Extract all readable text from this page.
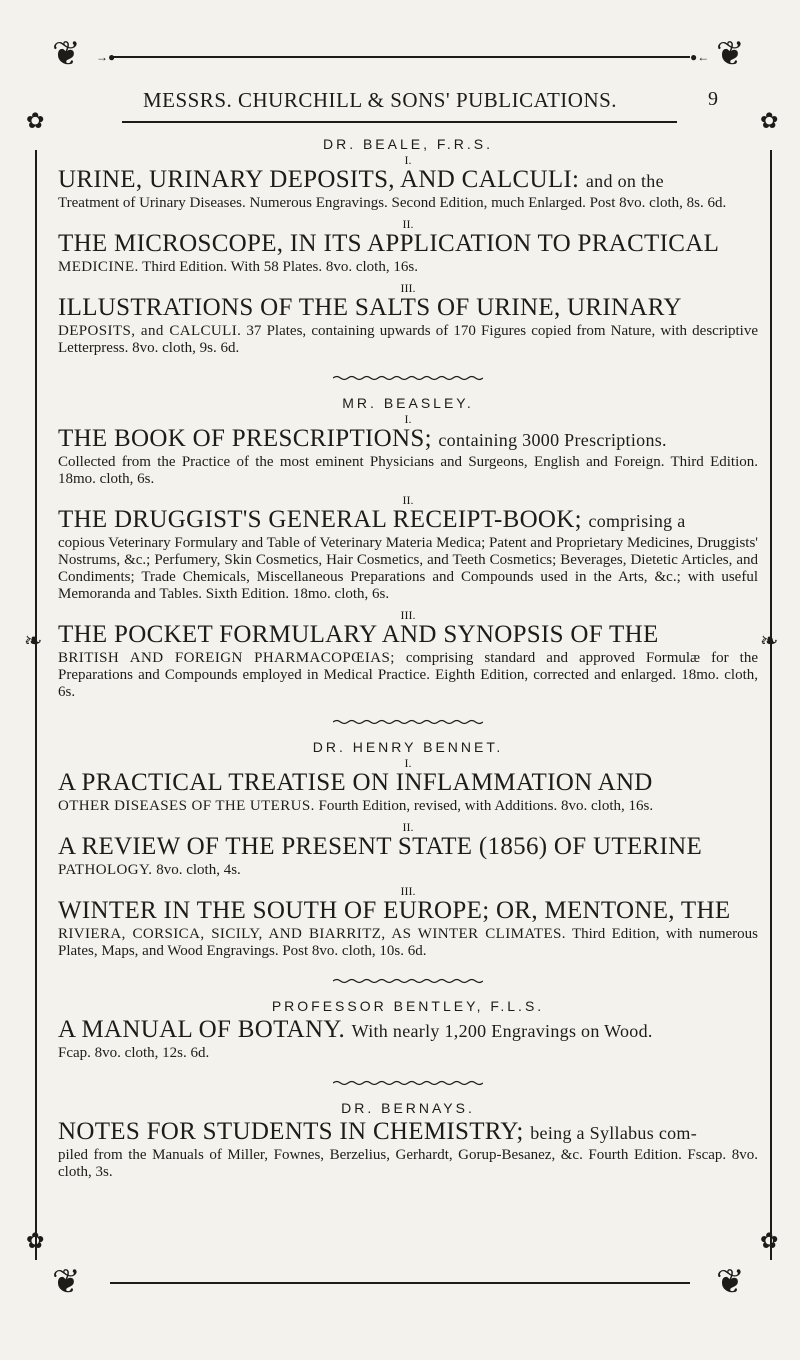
❦	❦
→●	●←
MESSRS. CHURCHILL & SONS' PUBLICATIONS.	9
✿	✿
❧	❧
✿	✿
❦	❦
DR. BEALE, F.R.S.
I.
URINE, URINARY DEPOSITS, AND CALCULI: and on the
Treatment of Urinary Diseases. Numerous Engravings. Second Edition, much Enlarged. Post 8vo. cloth, 8s. 6d.
II.
THE MICROSCOPE, IN ITS APPLICATION TO PRACTICAL
MEDICINE. Third Edition. With 58 Plates. 8vo. cloth, 16s.
III.
ILLUSTRATIONS OF THE SALTS OF URINE, URINARY
DEPOSITS, and CALCULI. 37 Plates, containing upwards of 170 Figures copied from Nature, with descriptive Letterpress. 8vo. cloth, 9s. 6d.
MR. BEASLEY.
I.
THE BOOK OF PRESCRIPTIONS; containing 3000 Prescriptions.
Collected from the Practice of the most eminent Physicians and Surgeons, English and Foreign. Third Edition. 18mo. cloth, 6s.
II.
THE DRUGGIST'S GENERAL RECEIPT-BOOK; comprising a
copious Veterinary Formulary and Table of Veterinary Materia Medica; Patent and Proprietary Medicines, Druggists' Nostrums, &c.; Perfumery, Skin Cosmetics, Hair Cosmetics, and Teeth Cosmetics; Beverages, Dietetic Articles, and Condiments; Trade Chemicals, Miscellaneous Preparations and Compounds used in the Arts, &c.; with useful Memoranda and Tables. Sixth Edition. 18mo. cloth, 6s.
III.
THE POCKET FORMULARY AND SYNOPSIS OF THE
BRITISH AND FOREIGN PHARMACOPŒIAS; comprising standard and approved Formulæ for the Preparations and Compounds employed in Medical Practice. Eighth Edition, corrected and enlarged. 18mo. cloth, 6s.
DR. HENRY BENNET.
I.
A PRACTICAL TREATISE ON INFLAMMATION AND
OTHER DISEASES OF THE UTERUS. Fourth Edition, revised, with Additions. 8vo. cloth, 16s.
II.
A REVIEW OF THE PRESENT STATE (1856) OF UTERINE
PATHOLOGY. 8vo. cloth, 4s.
III.
WINTER IN THE SOUTH OF EUROPE; OR, MENTONE, THE
RIVIERA, CORSICA, SICILY, AND BIARRITZ, AS WINTER CLIMATES. Third Edition, with numerous Plates, Maps, and Wood Engravings. Post 8vo. cloth, 10s. 6d.
PROFESSOR BENTLEY, F.L.S.
A MANUAL OF BOTANY. With nearly 1,200 Engravings on Wood.
Fcap. 8vo. cloth, 12s. 6d.
DR. BERNAYS.
NOTES FOR STUDENTS IN CHEMISTRY; being a Syllabus com-
piled from the Manuals of Miller, Fownes, Berzelius, Gerhardt, Gorup-Besanez, &c. Fourth Edition. Fscap. 8vo. cloth, 3s.
